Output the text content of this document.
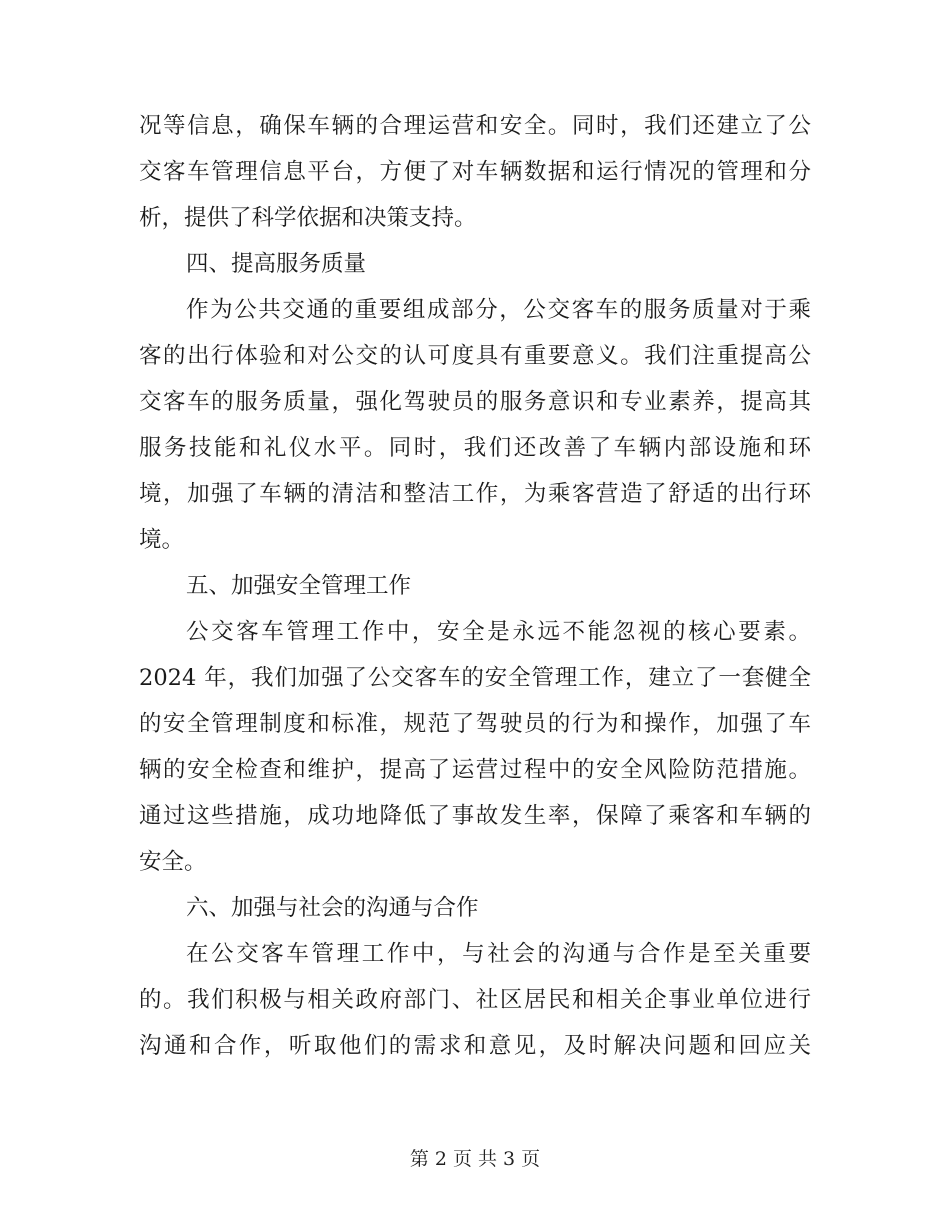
况等信息，确保车辆的合理运营和安全。同时，我们还建立了公
交客车管理信息平台，方便了对车辆数据和运行情况的管理和分
析，提供了科学依据和决策支持。
四、提高服务质量
作为公共交通的重要组成部分，公交客车的服务质量对于乘
客的出行体验和对公交的认可度具有重要意义。我们注重提高公
交客车的服务质量，强化驾驶员的服务意识和专业素养，提高其
服务技能和礼仪水平。同时，我们还改善了车辆内部设施和环
境，加强了车辆的清洁和整洁工作，为乘客营造了舒适的出行环
境。
五、加强安全管理工作
公交客车管理工作中，安全是永远不能忽视的核心要素。
2024 年，我们加强了公交客车的安全管理工作，建立了一套健全
的安全管理制度和标准，规范了驾驶员的行为和操作，加强了车
辆的安全检查和维护，提高了运营过程中的安全风险防范措施。
通过这些措施，成功地降低了事故发生率，保障了乘客和车辆的
安全。
六、加强与社会的沟通与合作
在公交客车管理工作中，与社会的沟通与合作是至关重要
的。我们积极与相关政府部门、社区居民和相关企事业单位进行
沟通和合作，听取他们的需求和意见，及时解决问题和回应关
第 2 页 共 3 页
